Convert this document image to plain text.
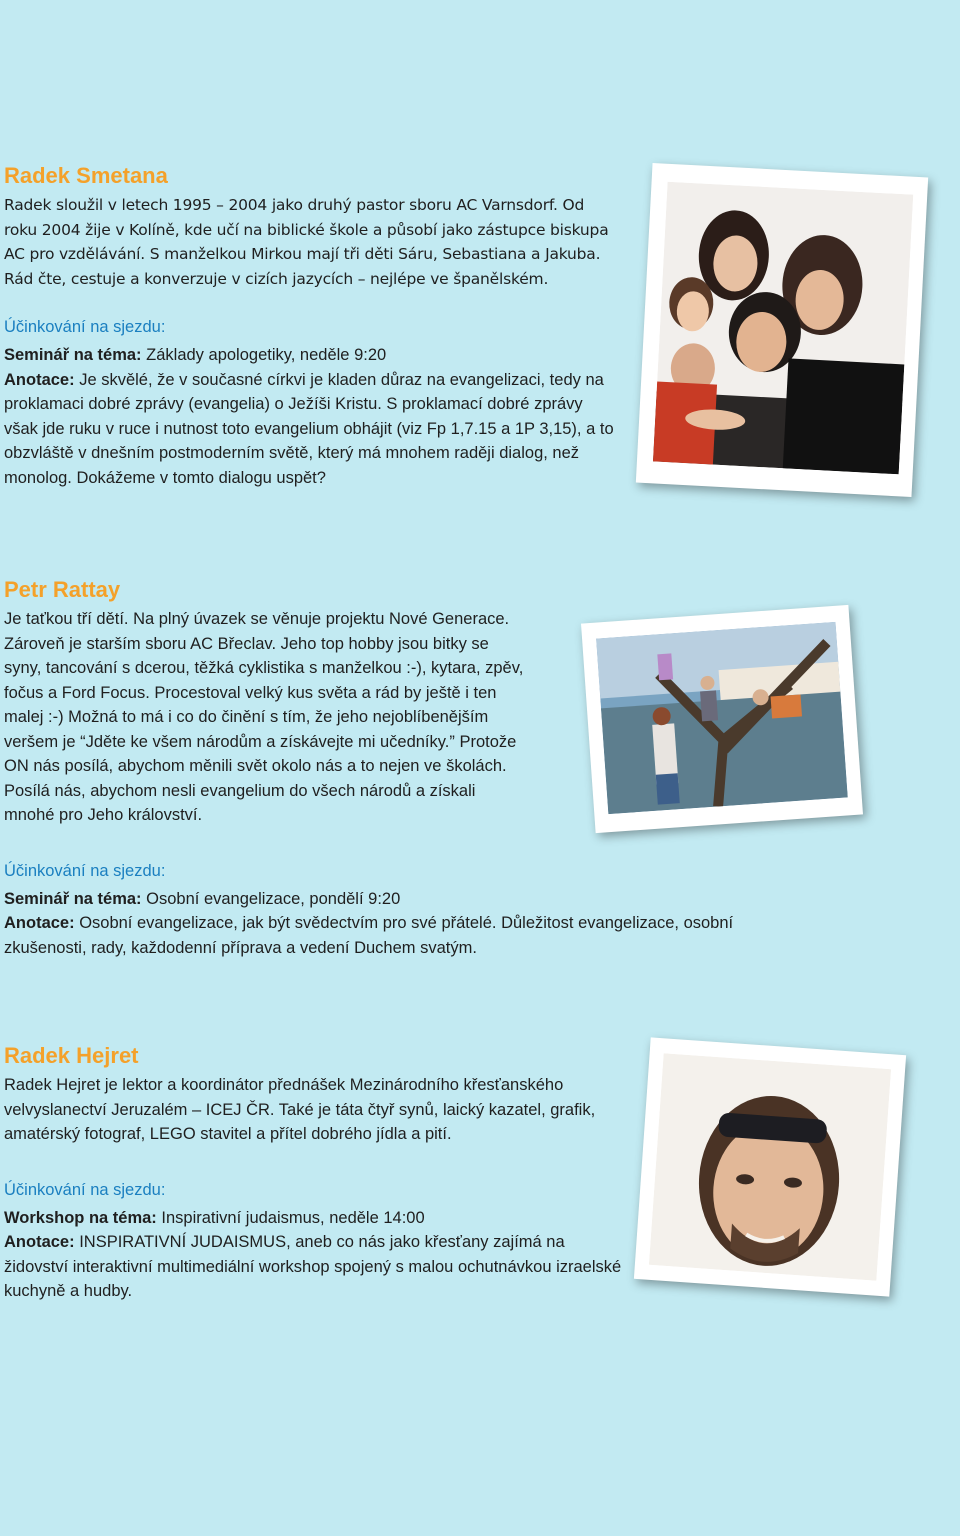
Radek Smetana

Radek sloužil v letech 1995 – 2004 jako druhý pastor sboru AC Varnsdorf. Od roku 2004 žije v Kolíně, kde učí na biblické škole a působí jako zástupce biskupa AC pro vzdělávání. S manželkou Mirkou mají tři děti Sáru, Sebastiana a Jakuba. Rád čte, cestuje a konverzuje v cizích jazycích – nejlépe ve španělském.

Účinkování na sjezdu:

Seminář na téma: Základy apologetiky, neděle 9:20

Anotace: Je skvělé, že v současné církvi je kladen důraz na evangelizaci, tedy na proklamaci dobré zprávy (evangelia) o Ježíši Kristu. S proklamací dobré zprávy však jde ruku v ruce i nutnost toto evangelium obhájit (viz Fp 1,7.15 a 1P 3,15), a to obzvláště v dnešním postmoderním světě, který má mnohem raději dialog, než monolog. Dokážeme v tomto dialogu uspět?

Petr Rattay

Je taťkou tří dětí. Na plný úvazek se věnuje projektu Nové Generace. Zároveň je starším sboru AC Břeclav. Jeho top hobby jsou bitky se syny, tancování s dcerou, těžká cyklistika s manželkou :-), kytara, zpěv, fočus a Ford Focus. Procestoval velký kus světa a rád by ještě i ten malej :-) Možná to má i co do činění s tím, že jeho nejoblíbenějším veršem je “Jděte ke všem národům a získávejte mi učedníky.” Protože ON nás posílá, abychom měnili svět okolo nás a to nejen ve školách. Posílá nás, abychom nesli evangelium do všech národů a získali mnohé pro Jeho království.

Účinkování na sjezdu:

Seminář na téma: Osobní evangelizace, pondělí 9:20

Anotace: Osobní evangelizace, jak být svědectvím pro své přátelé. Důležitost evangelizace, osobní zkušenosti, rady, každodenní příprava a vedení Duchem svatým.

Radek Hejret

Radek Hejret je lektor a koordinátor přednášek Mezinárodního křesťanského velvyslanectví Jeruzalém – ICEJ ČR. Také je táta čtyř synů, laický kazatel, grafik, amatérský fotograf, LEGO stavitel a přítel dobrého jídla a pití.

Účinkování na sjezdu:

Workshop na téma: Inspirativní judaismus, neděle 14:00

Anotace: INSPIRATIVNÍ JUDAISMUS, aneb co nás jako křesťany zajímá na židovství interaktivní multimediální workshop spojený s malou ochutnávkou izraelské kuchyně a hudby.
